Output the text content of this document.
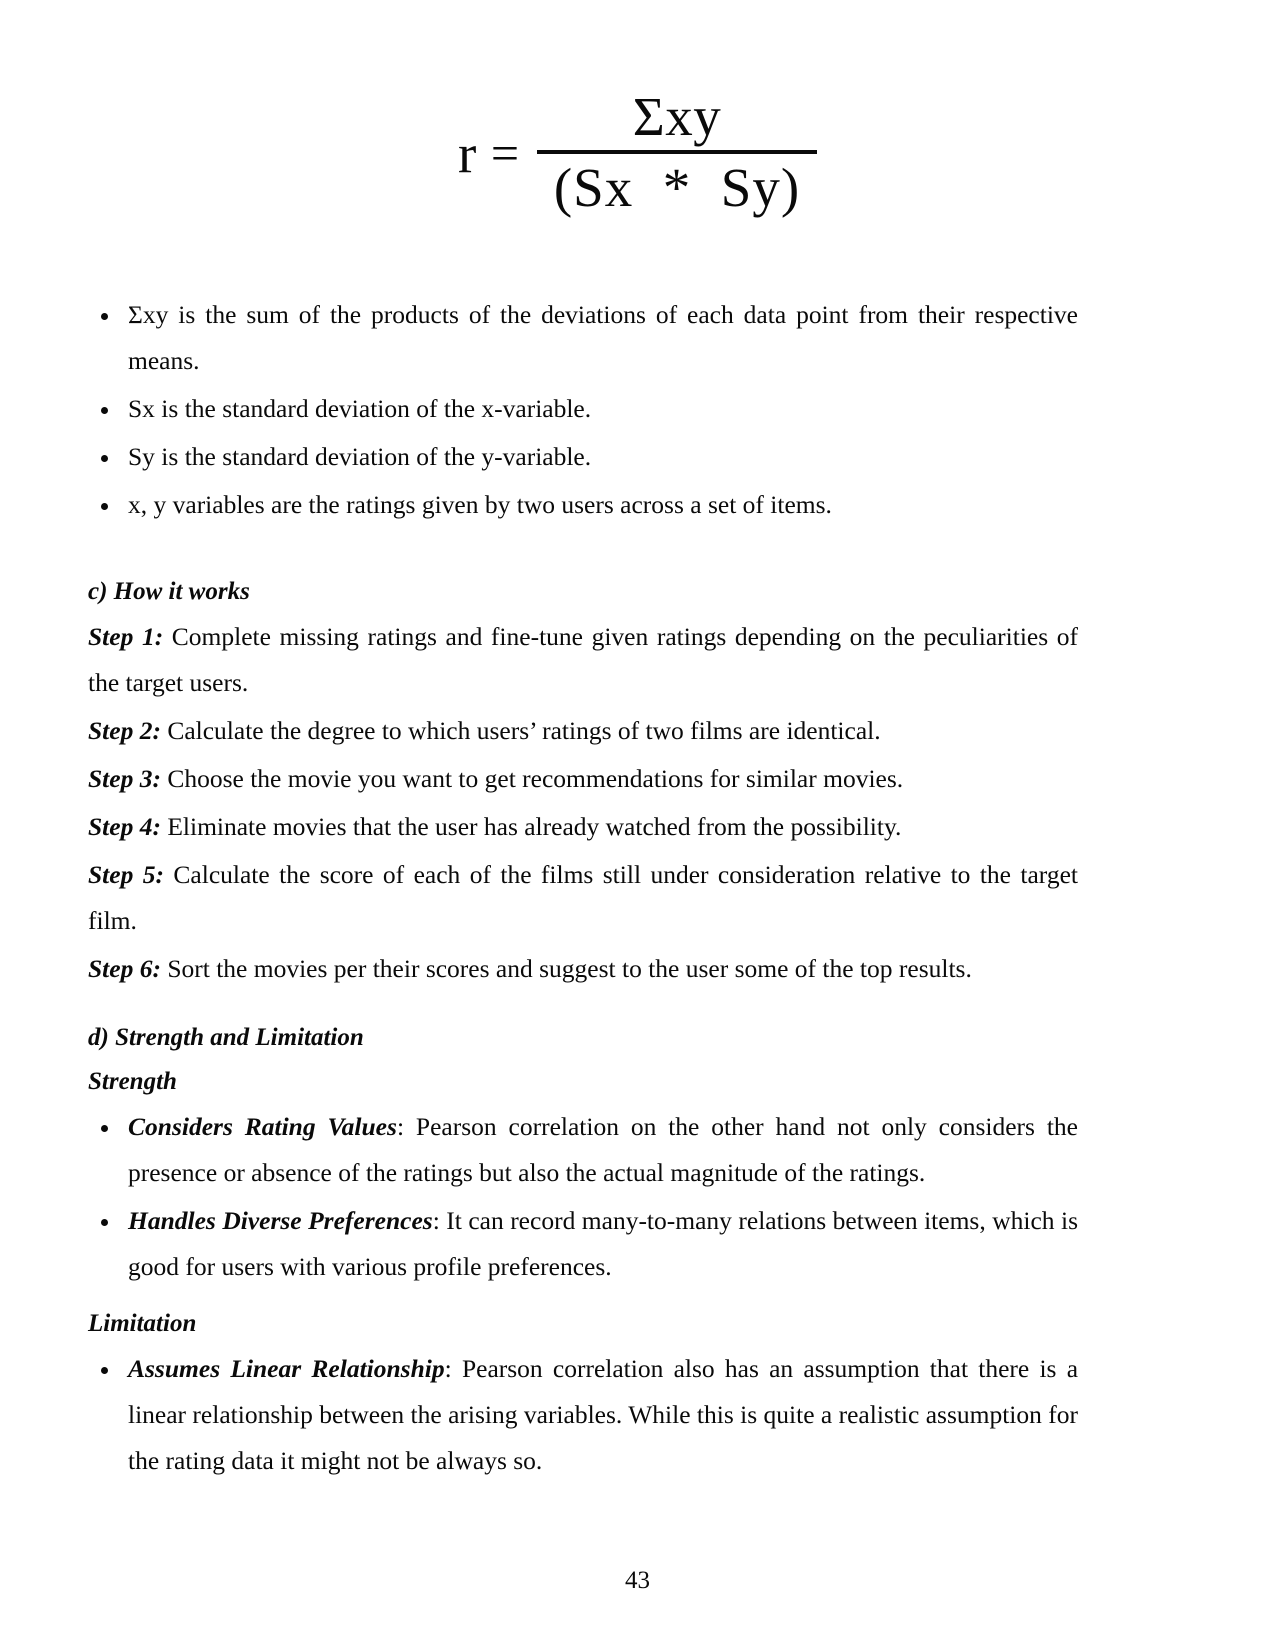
$r = \frac{\text{Σxy}}{(Sx * Sy)}$
Σxy is the sum of the products of the deviations of each data point from their respective means.
Sx is the standard deviation of the x-variable.
Sy is the standard deviation of the y-variable.
x, y variables are the ratings given by two users across a set of items.

c) How it works

Step 1: Complete missing ratings and fine-tune given ratings depending on the peculiarities of the target users.

Step 2: Calculate the degree to which users’ ratings of two films are identical.

Step 3: Choose the movie you want to get recommendations for similar movies.

Step 4: Eliminate movies that the user has already watched from the possibility.

Step 5: Calculate the score of each of the films still under consideration relative to the target film.

Step 6: Sort the movies per their scores and suggest to the user some of the top results.

d) Strength and Limitation

Strength

Considers Rating Values: Pearson correlation on the other hand not only considers the presence or absence of the ratings but also the actual magnitude of the ratings.
Handles Diverse Preferences: It can record many-to-many relations between items, which is good for users with various profile preferences.

Limitation

Assumes Linear Relationship: Pearson correlation also has an assumption that there is a linear relationship between the arising variables. While this is quite a realistic assumption for the rating data it might not be always so.
43
